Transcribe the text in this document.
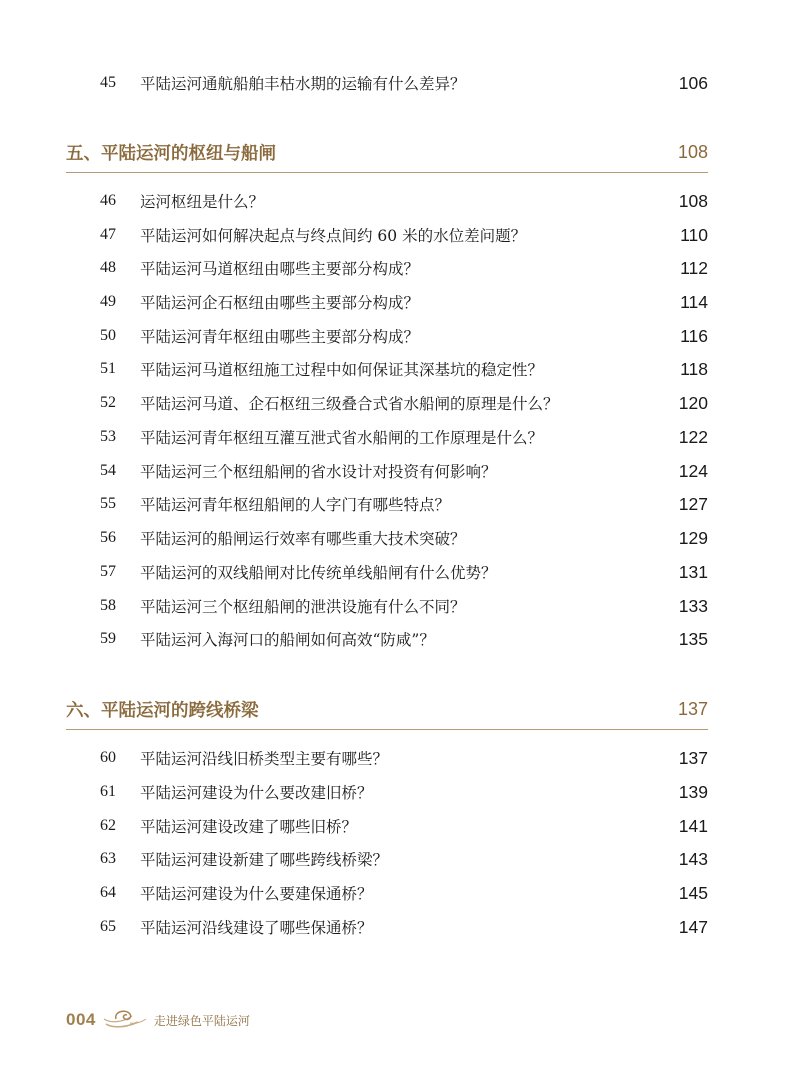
45	平陆运河通航船舶丰枯水期的运输有什么差异？	106
五、平陆运河的枢纽与船闸	108
46	运河枢纽是什么？	108
47	平陆运河如何解决起点与终点间约 60 米的水位差问题？	110
48	平陆运河马道枢纽由哪些主要部分构成？	112
49	平陆运河企石枢纽由哪些主要部分构成？	114
50	平陆运河青年枢纽由哪些主要部分构成？	116
51	平陆运河马道枢纽施工过程中如何保证其深基坑的稳定性？	118
52	平陆运河马道、企石枢纽三级叠合式省水船闸的原理是什么？	120
53	平陆运河青年枢纽互灌互泄式省水船闸的工作原理是什么？	122
54	平陆运河三个枢纽船闸的省水设计对投资有何影响？	124
55	平陆运河青年枢纽船闸的人字门有哪些特点？	127
56	平陆运河的船闸运行效率有哪些重大技术突破？	129
57	平陆运河的双线船闸对比传统单线船闸有什么优势？	131
58	平陆运河三个枢纽船闸的泄洪设施有什么不同？	133
59	平陆运河入海河口的船闸如何高效“防咸”？	135
六、平陆运河的跨线桥梁	137
60	平陆运河沿线旧桥类型主要有哪些？	137
61	平陆运河建设为什么要改建旧桥？	139
62	平陆运河建设改建了哪些旧桥？	141
63	平陆运河建设新建了哪些跨线桥梁？	143
64	平陆运河建设为什么要建保通桥？	145
65	平陆运河沿线建设了哪些保通桥？	147
004	走进绿色平陆运河
